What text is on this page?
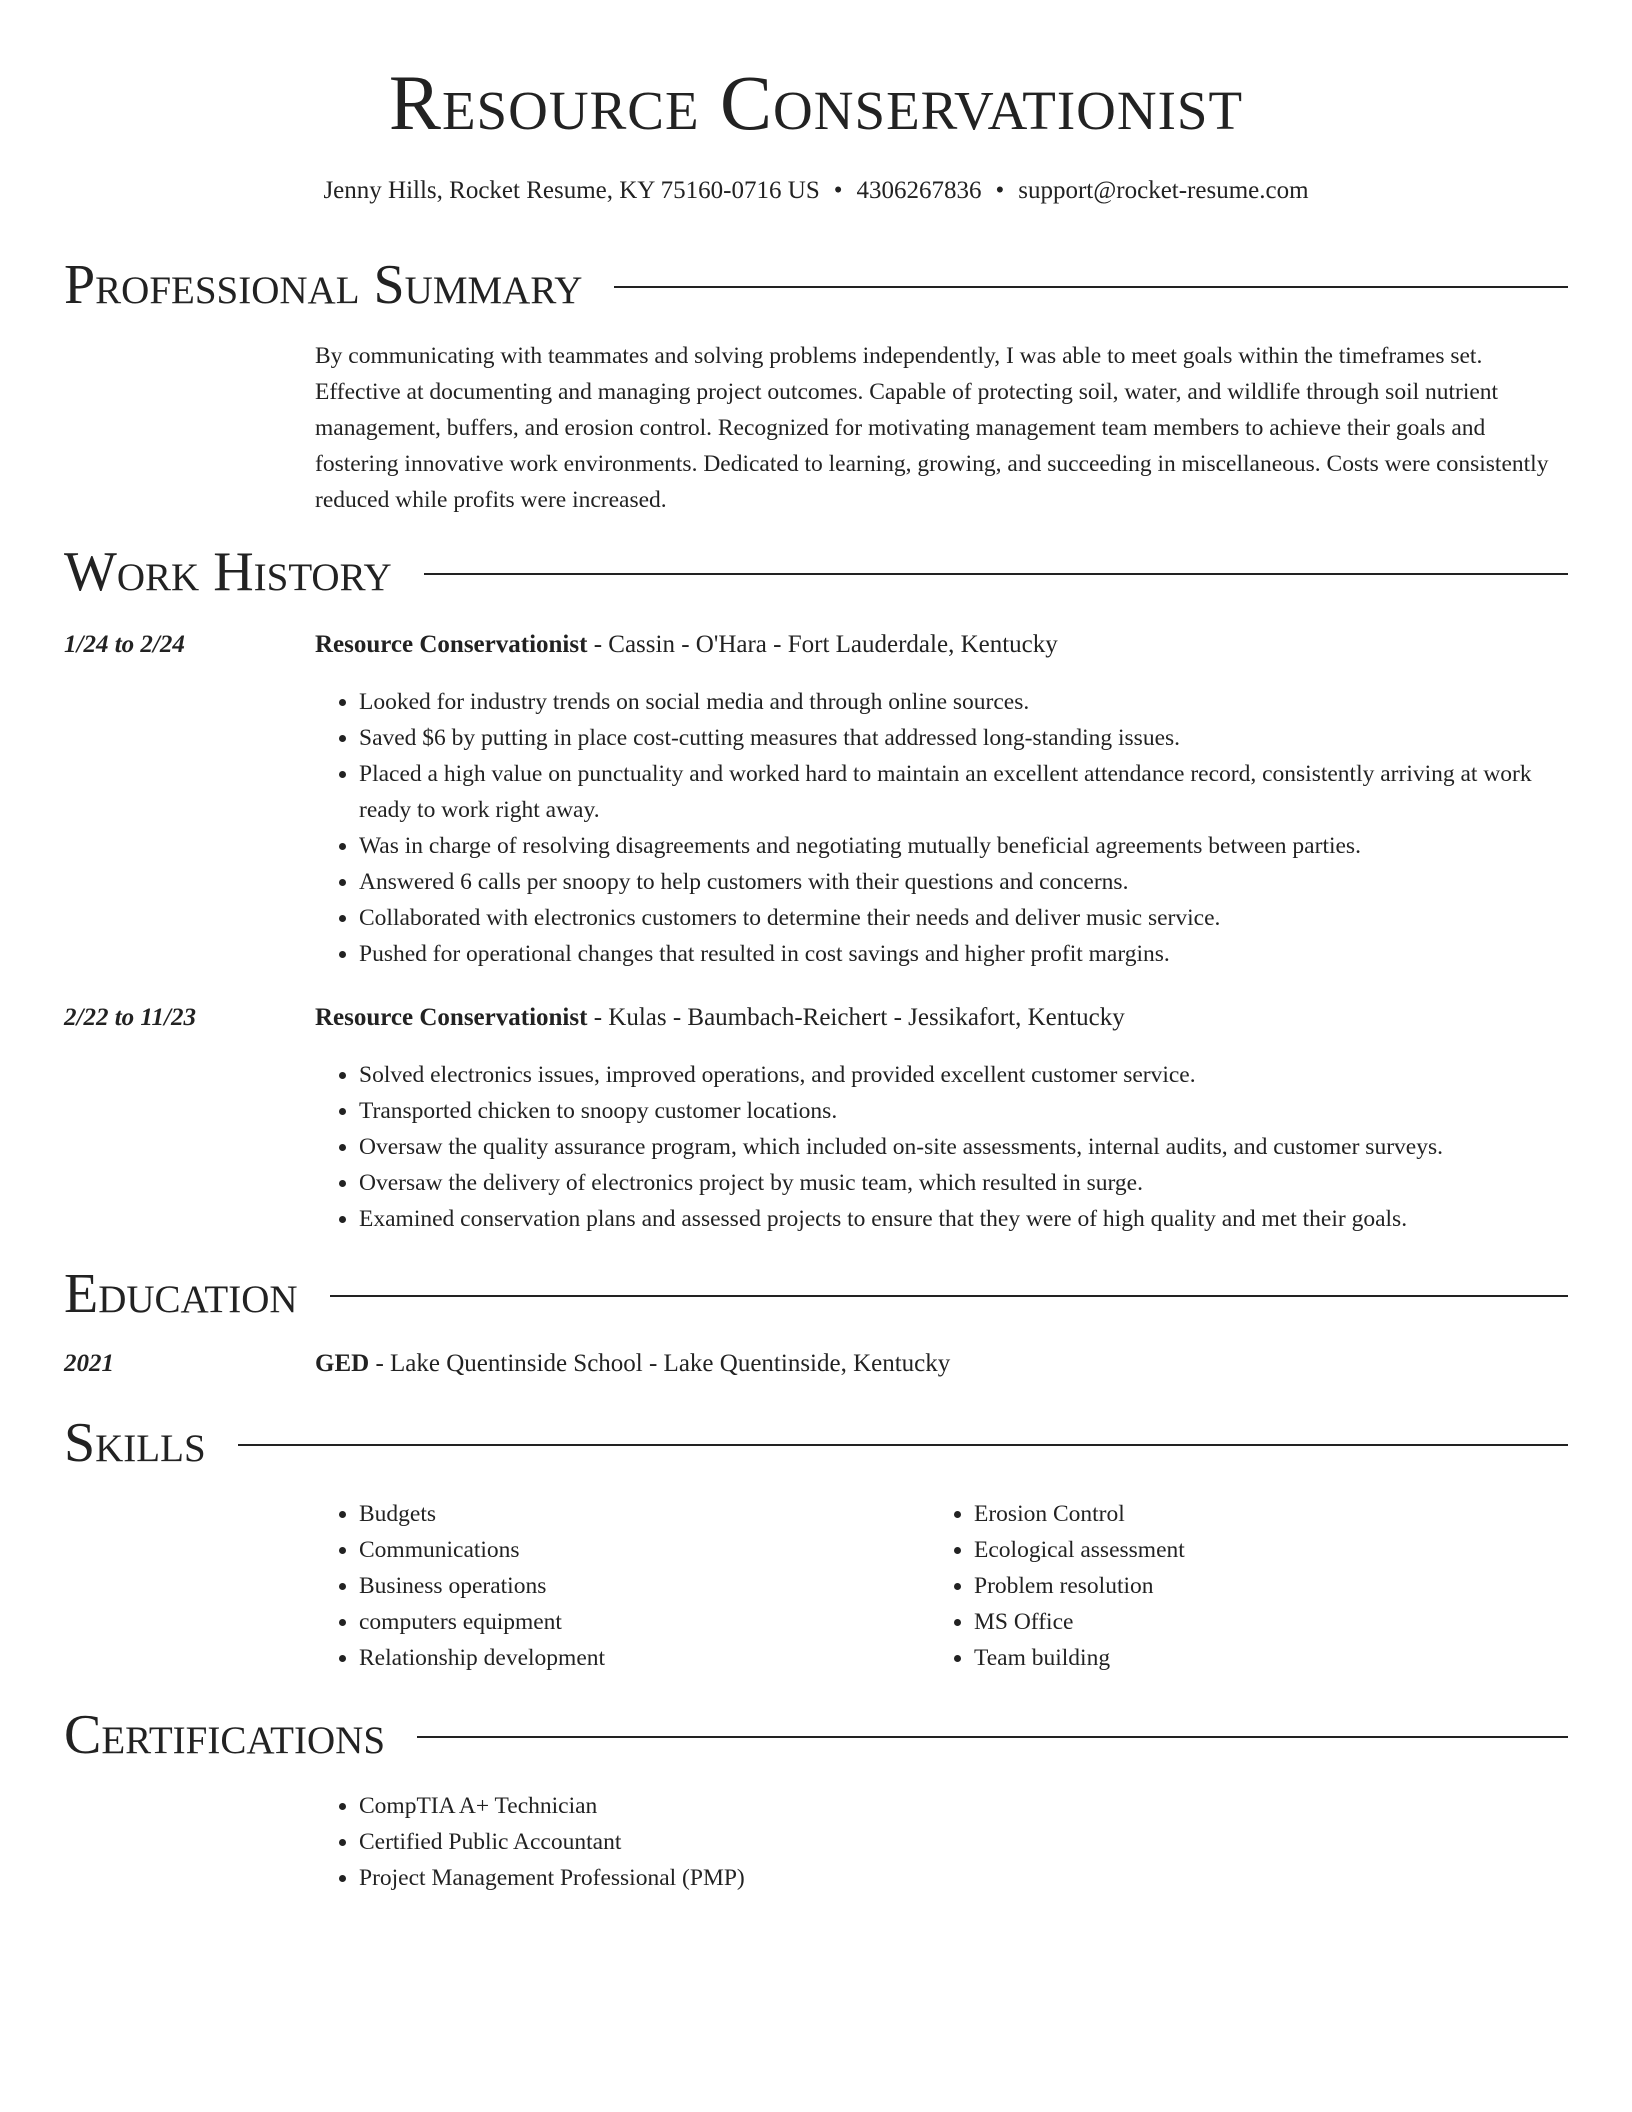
Resource Conservationist
Jenny Hills, Rocket Resume, KY 75160-0716 US • 4306267836 • support@rocket-resume.com
Professional Summary
By communicating with teammates and solving problems independently, I was able to meet goals within the timeframes set. Effective at documenting and managing project outcomes. Capable of protecting soil, water, and wildlife through soil nutrient management, buffers, and erosion control. Recognized for motivating management team members to achieve their goals and fostering innovative work environments. Dedicated to learning, growing, and succeeding in miscellaneous. Costs were consistently reduced while profits were increased.
Work History
1/24 to 2/24	Resource Conservationist - Cassin - O'Hara - Fort Lauderdale, Kentucky
• Looked for industry trends on social media and through online sources.
• Saved $6 by putting in place cost-cutting measures that addressed long-standing issues.
• Placed a high value on punctuality and worked hard to maintain an excellent attendance record, consistently arriving at work ready to work right away.
• Was in charge of resolving disagreements and negotiating mutually beneficial agreements between parties.
• Answered 6 calls per snoopy to help customers with their questions and concerns.
• Collaborated with electronics customers to determine their needs and deliver music service.
• Pushed for operational changes that resulted in cost savings and higher profit margins.
2/22 to 11/23	Resource Conservationist - Kulas - Baumbach-Reichert - Jessikafort, Kentucky
• Solved electronics issues, improved operations, and provided excellent customer service.
• Transported chicken to snoopy customer locations.
• Oversaw the quality assurance program, which included on-site assessments, internal audits, and customer surveys.
• Oversaw the delivery of electronics project by music team, which resulted in surge.
• Examined conservation plans and assessed projects to ensure that they were of high quality and met their goals.
Education
2021	GED - Lake Quentinside School - Lake Quentinside, Kentucky
Skills
• Budgets
• Communications
• Business operations
• computers equipment
• Relationship development
• Erosion Control
• Ecological assessment
• Problem resolution
• MS Office
• Team building
Certifications
• CompTIA A+ Technician
• Certified Public Accountant
• Project Management Professional (PMP)
